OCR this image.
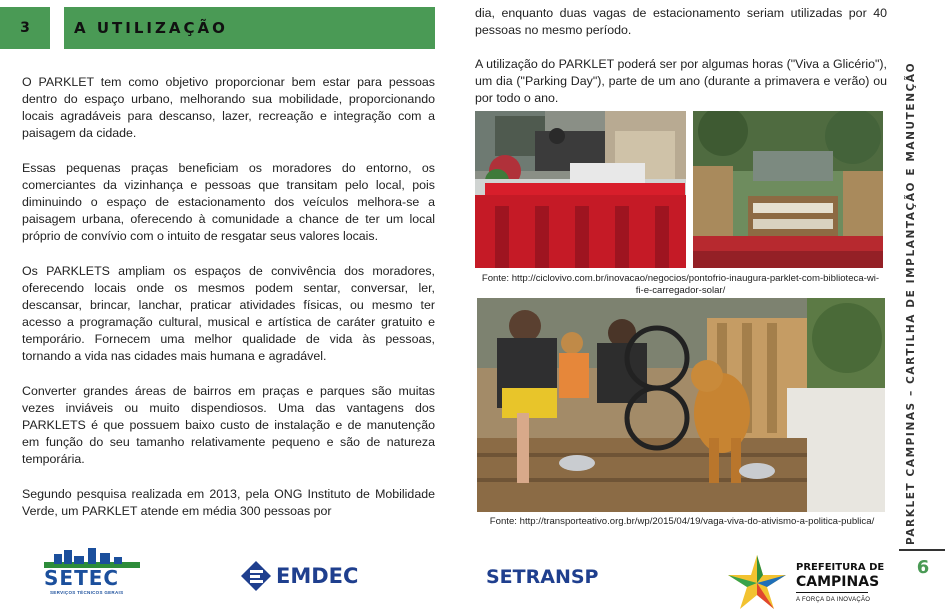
3	A UTILIZAÇÃO

O PARKLET tem como objetivo proporcionar bem estar para pessoas dentro do espaço urbano, melhorando sua mobilidade, proporcionando locais agradáveis para descanso, lazer, recreação e integração com a paisagem da cidade.

Essas pequenas praças beneficiam os moradores do entorno, os comerciantes da vizinhança e pessoas que transitam pelo local, pois diminuindo o espaço de estacionamento dos veículos melhora-se a paisagem urbana, oferecendo à comunidade a chance de ter um local próprio de convívio com o intuito de resgatar seus valores locais.

Os PARKLETS ampliam os espaços de convivência dos moradores, oferecendo locais onde os mesmos podem sentar, conversar, ler, descansar, brincar, lanchar, praticar atividades físicas, ou mesmo ter acesso a programação cultural, musical e artística de caráter gratuito e temporário. Fornecem uma melhor qualidade de vida às pessoas, tornando a vida nas cidades mais humana e agradável.

Converter grandes áreas de bairros em praças e parques são muitas vezes inviáveis ou muito dispendiosos. Uma das vantagens dos PARKLETS é que possuem baixo custo de instalação e de manutenção em função do seu tamanho relativamente pequeno e são de natureza temporária.

Segundo pesquisa realizada em 2013, pela ONG Instituto de Mobilidade Verde, um PARKLET atende em média 300 pessoas por

dia, enquanto duas vagas de estacionamento seriam utilizadas por 40 pessoas no mesmo período.

A utilização do PARKLET poderá ser por algumas horas ("Viva a Glicério"), um dia ("Parking Day"), parte de um ano (durante a primavera e verão) ou por todo o ano.

Fonte: http://ciclovivo.com.br/inovacao/negocios/pontofrio-inaugura-parklet-com-biblioteca-wi-fi-e-carregador-solar/
Fonte: http://transporteativo.org.br/wp/2015/04/19/vaga-viva-do-ativismo-a-politica-publica/	PARKLET CAMPINAS – CARTILHA DE IMPLANTAÇÃO E MANUTENÇÃO
6
SETEC
SERVIÇOS TÉCNICOS GERAIS
EMDEC	SETRANSP	PREFEITURA DE
CAMPINAS
A FORÇA DA INOVAÇÃO
